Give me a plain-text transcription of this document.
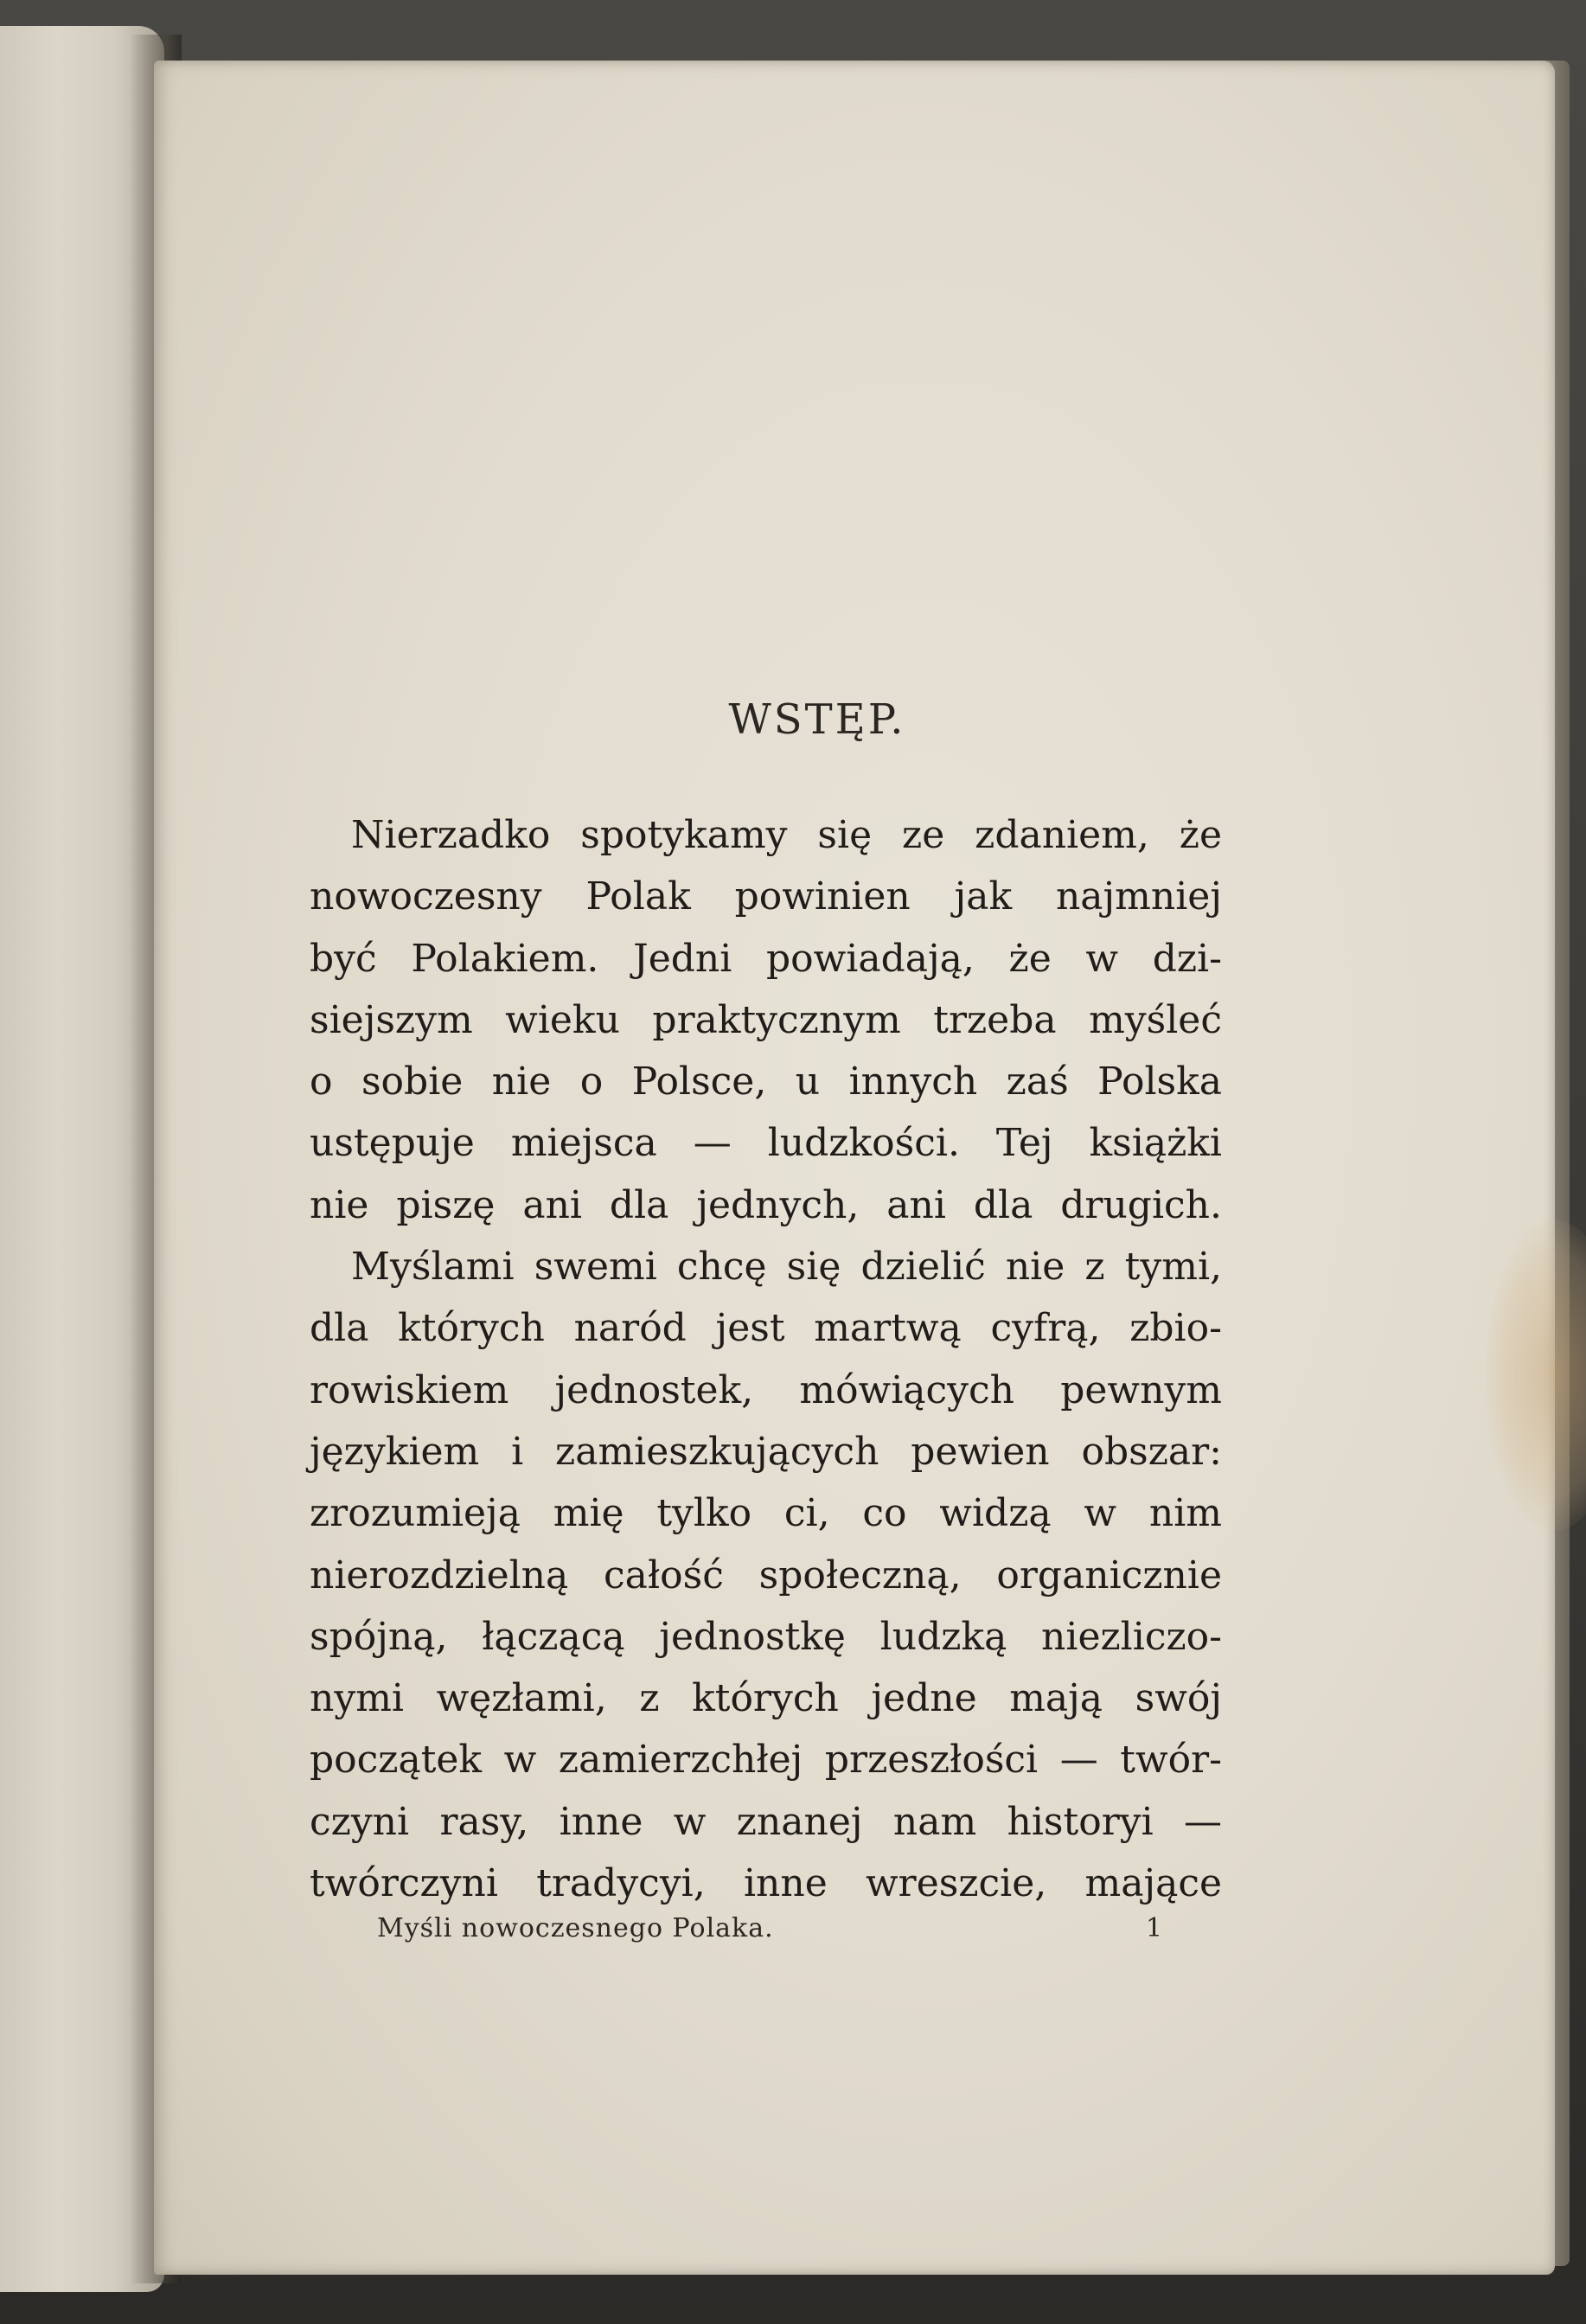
WSTĘP.
Nierzadko spotykamy się ze zdaniem, że
nowoczesny Polak powinien jak najmniej
być Polakiem. Jedni powiadają, że w dzi-
siejszym wieku praktycznym trzeba myśleć
o sobie nie o Polsce, u innych zaś Polska
ustępuje miejsca — ludzkości. Tej książki
nie piszę ani dla jednych, ani dla drugich.
Myślami swemi chcę się dzielić nie z tymi,
dla których naród jest martwą cyfrą, zbio-
rowiskiem jednostek, mówiących pewnym
językiem i zamieszkujących pewien obszar:
zrozumieją mię tylko ci, co widzą w nim
nierozdzielną całość społeczną, organicznie
spójną, łączącą jednostkę ludzką niezliczo-
nymi węzłami, z których jedne mają swój
początek w zamierzchłej przeszłości — twór-
czyni rasy, inne w znanej nam historyi —
twórczyni tradycyi, inne wreszcie, mające
Myśli nowoczesnego Polaka.	1
